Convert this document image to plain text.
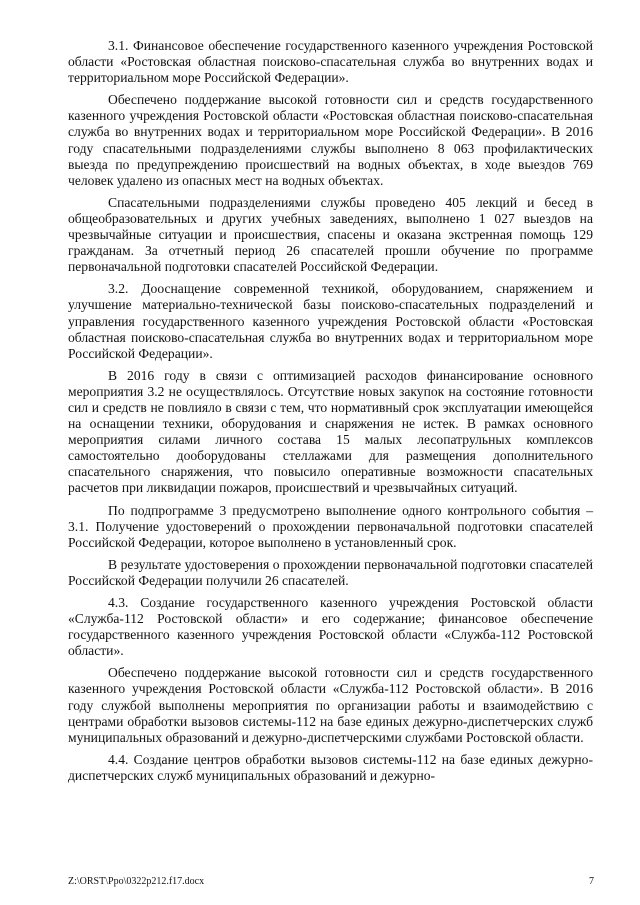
3.1. Финансовое обеспечение государственного казенного учреждения Ростовской области «Ростовская областная поисково-спасательная служба во внутренних водах и территориальном море Российской Федерации».

Обеспечено поддержание высокой готовности сил и средств государственного казенного учреждения Ростовской области «Ростовская областная поисково-спасательная служба во внутренних водах и территориальном море Российской Федерации». В 2016 году спасательными подразделениями службы выполнено 8 063 профилактических выезда по предупреждению происшествий на водных объектах, в ходе выездов 769 человек удалено из опасных мест на водных объектах.

Спасательными подразделениями службы проведено 405 лекций и бесед в общеобразовательных и других учебных заведениях, выполнено 1 027 выездов на чрезвычайные ситуации и происшествия, спасены и оказана экстренная помощь 129 гражданам. За отчетный период 26 спасателей прошли обучение по программе первоначальной подготовки спасателей Российской Федерации.

3.2. Дооснащение современной техникой, оборудованием, снаряжением и улучшение материально-технической базы поисково-спасательных подразделений и управления государственного казенного учреждения Ростовской области «Ростовская областная поисково-спасательная служба во внутренних водах и территориальном море Российской Федерации».

В 2016 году в связи с оптимизацией расходов финансирование основного мероприятия 3.2 не осуществлялось. Отсутствие новых закупок на состояние готовности сил и средств не повлияло в связи с тем, что нормативный срок эксплуатации имеющейся на оснащении техники, оборудования и снаряжения не истек. В рамках основного мероприятия силами личного состава 15 малых лесопатрульных комплексов самостоятельно дооборудованы стеллажами для размещения дополнительного спасательного снаряжения, что повысило оперативные возможности спасательных расчетов при ликвидации пожаров, происшествий и чрезвычайных ситуаций.

По подпрограмме 3 предусмотрено выполнение одного контрольного события – 3.1. Получение удостоверений о прохождении первоначальной подготовки спасателей Российской Федерации, которое выполнено в установленный срок.

В результате удостоверения о прохождении первоначальной подготовки спасателей Российской Федерации получили 26 спасателей.

4.3. Создание государственного казенного учреждения Ростовской области «Служба-112 Ростовской области» и его содержание; финансовое обеспечение государственного казенного учреждения Ростовской области «Служба-112 Ростовской области».

Обеспечено поддержание высокой готовности сил и средств государственного казенного учреждения Ростовской области «Служба-112 Ростовской области». В 2016 году службой выполнены мероприятия по организации работы и взаимодействию с центрами обработки вызовов системы-112 на базе единых дежурно-диспетчерских служб муниципальных образований и дежурно-диспетчерскими службами Ростовской области.

4.4. Создание центров обработки вызовов системы-112 на базе единых дежурно-диспетчерских служб муниципальных образований и дежурно-

Z:\ORST\Ppo\0322p212.f17.docx	7
